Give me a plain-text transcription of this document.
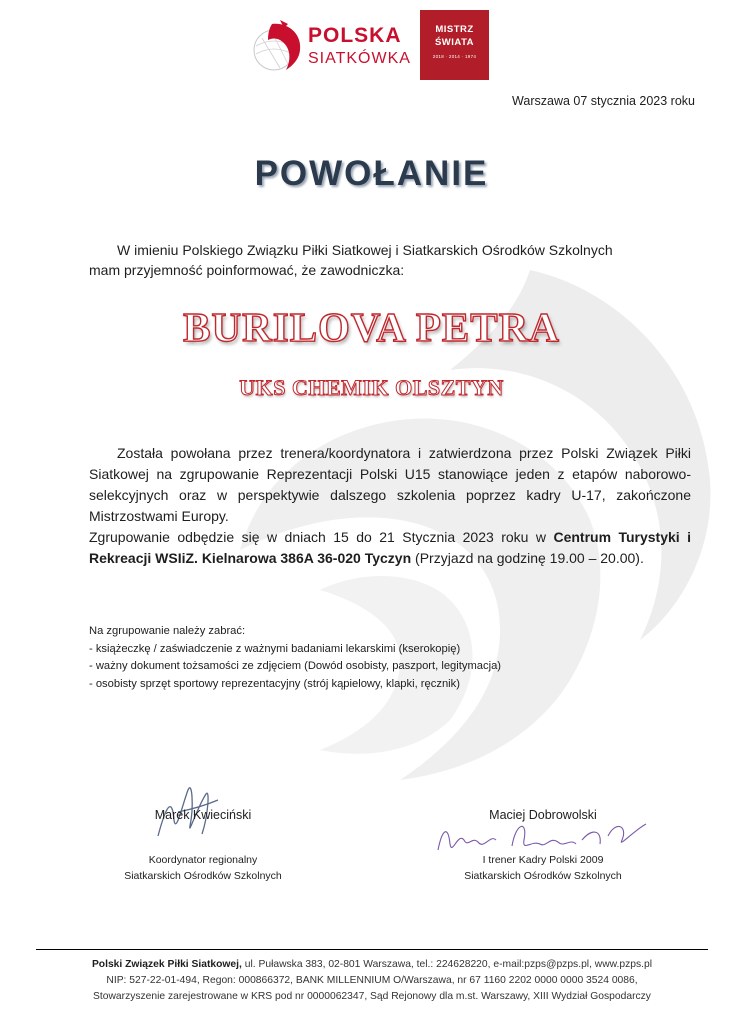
POLSKA
SIATKÓWKA
MISTRZ
ŚWIATA
2018 · 2014 · 1974
Warszawa 07 stycznia 2023 roku
POWOŁANIE
W imieniu Polskiego Związku Piłki Siatkowej i Siatkarskich Ośrodków Szkolnych
mam przyjemność poinformować, że zawodniczka:
BURILOVA PETRA
UKS CHEMIK OLSZTYN

Została powołana przez trenera/koordynatora i zatwierdzona przez Polski Związek Piłki Siatkowej na zgrupowanie Reprezentacji Polski U15 stanowiące jeden z etapów naborowo-selekcyjnych oraz w perspektywie dalszego szkolenia poprzez kadry U-17, zakończone Mistrzostwami Europy.

Zgrupowanie odbędzie się w dniach 15 do 21 Stycznia 2023 roku w Centrum Turystyki i Rekreacji WSIiZ. Kielnarowa 386A 36-020 Tyczyn (Przyjazd na godzinę 19.00 – 20.00).

Na zgrupowanie należy zabrać:
- książeczkę / zaświadczenie z ważnymi badaniami lekarskimi (kserokopię)
- ważny dokument tożsamości ze zdjęciem (Dowód osobisty, paszport, legitymacja)
- osobisty sprzęt sportowy reprezentacyjny (strój kąpielowy, klapki, ręcznik)
Marek Kwieciński
Koordynator regionalny
Siatkarskich Ośrodków Szkolnych
Maciej Dobrowolski
I trener Kadry Polski 2009
Siatkarskich Ośrodków Szkolnych
Polski Związek Piłki Siatkowej, ul. Puławska 383, 02-801 Warszawa, tel.: 224628220, e-mail:pzps@pzps.pl, www.pzps.pl
NIP: 527-22-01-494, Regon: 000866372, BANK MILLENNIUM O/Warszawa, nr 67 1160 2202 0000 0000 3524 0086,
Stowarzyszenie zarejestrowane w KRS pod nr 0000062347, Sąd Rejonowy dla m.st. Warszawy, XIII Wydział Gospodarczy
